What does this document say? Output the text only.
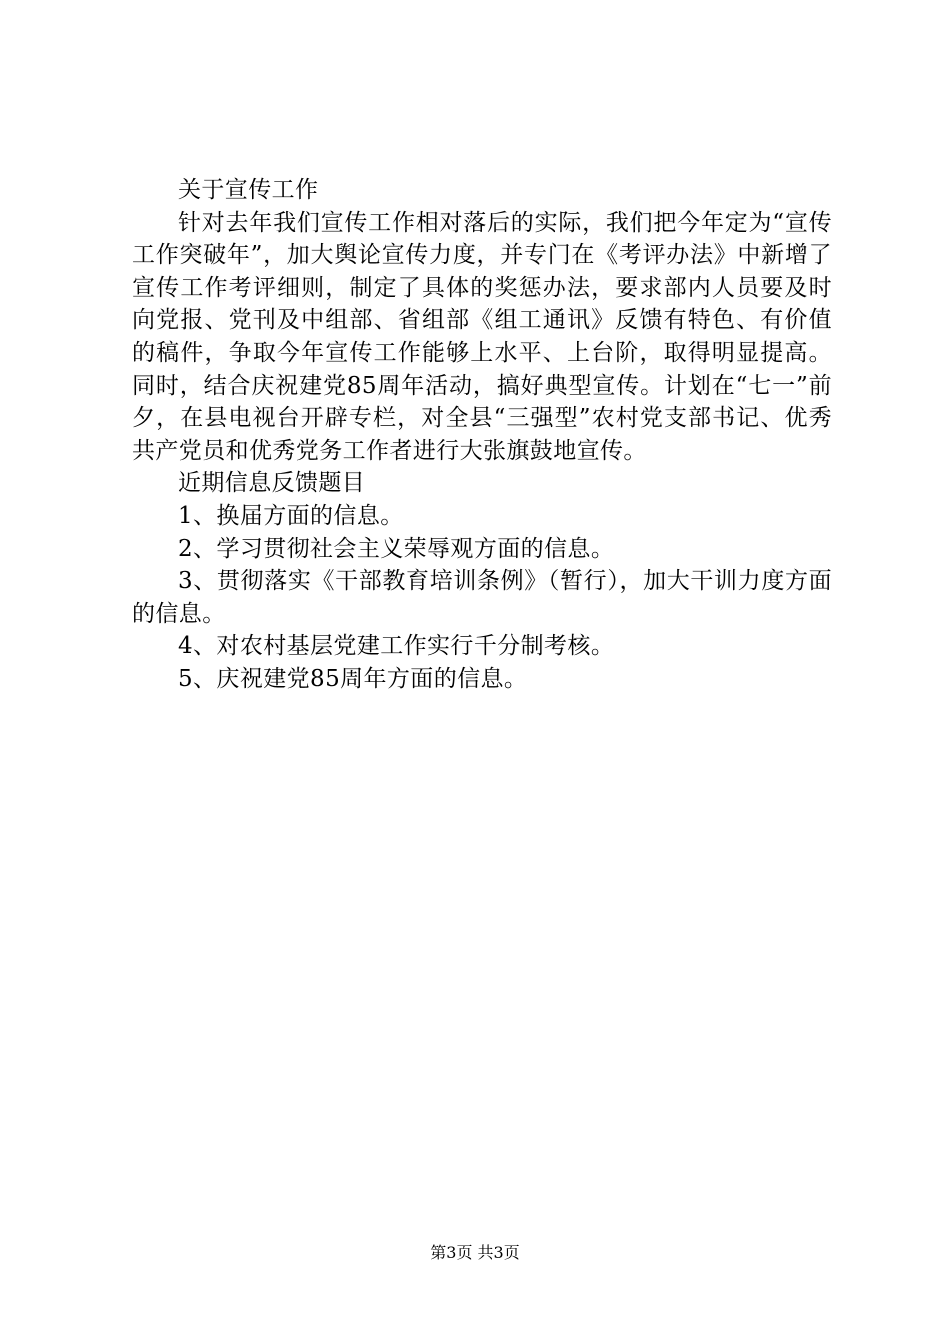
关于宣传工作

针对去年我们宣传工作相对落后的实际，我们把今年定为“宣传工作突破年”，加大舆论宣传力度，并专门在《考评办法》中新增了宣传工作考评细则，制定了具体的奖惩办法，要求部内人员要及时向党报、党刊及中组部、省组部《组工通讯》反馈有特色、有价值的稿件，争取今年宣传工作能够上水平、上台阶，取得明显提高。同时，结合庆祝建党85周年活动，搞好典型宣传。计划在“七一”前夕，在县电视台开辟专栏，对全县“三强型”农村党支部书记、优秀共产党员和优秀党务工作者进行大张旗鼓地宣传。

近期信息反馈题目

1、换届方面的信息。

2、学习贯彻社会主义荣辱观方面的信息。

3、贯彻落实《干部教育培训条例》（暂行），加大干训力度方面的信息。

4、对农村基层党建工作实行千分制考核。

5、庆祝建党85周年方面的信息。

第3页 共3页
